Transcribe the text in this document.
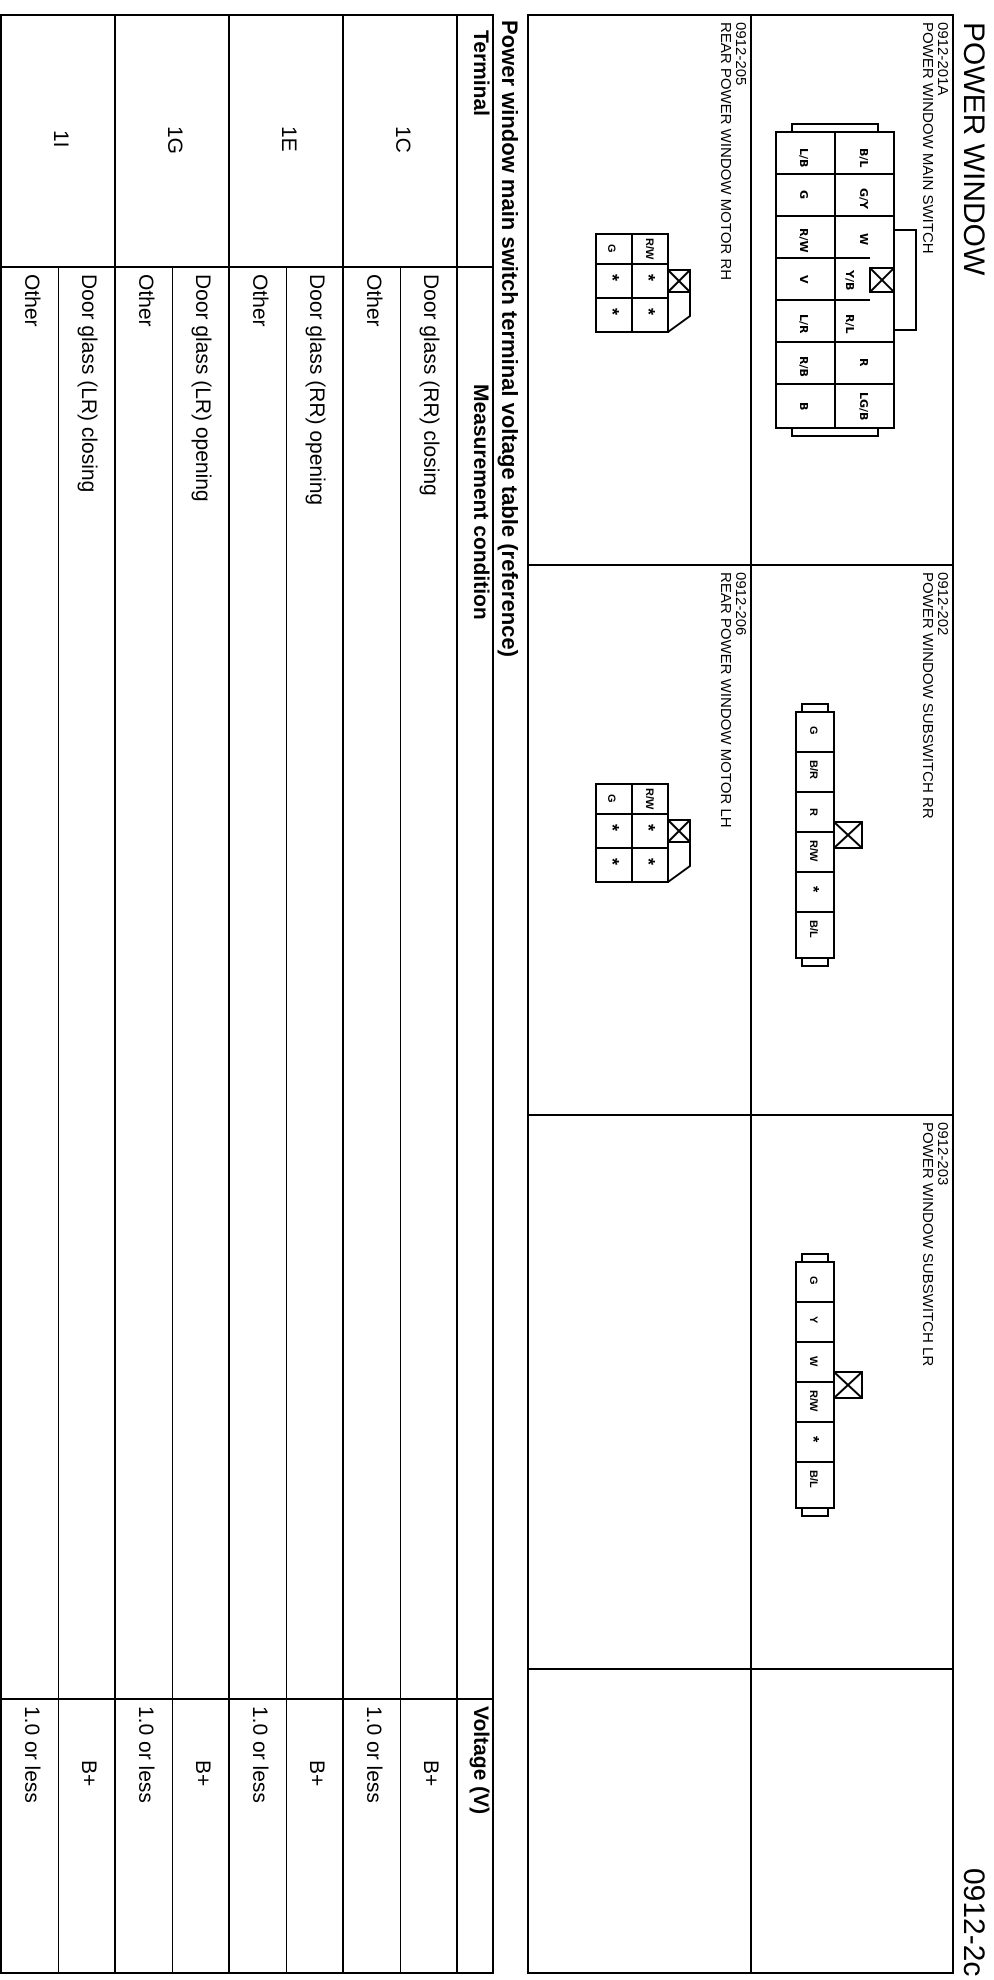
POWER WINDOW
0912-2c
0912-201A
POWER WINDOW MAIN SWITCH
B/L
G/Y
W
Y/B
R/L
R
LG/B
L/B
G
R/W
V
L/R
R/B
B
0912-202
POWER WINDOW SUBSWITCH RR
G
B/R
R
R/W
*
B/L
0912-203
POWER WINDOW SUBSWITCH LR
G
Y
W
R/W
*
B/L
0912-205
REAR POWER WINDOW MOTOR RH
R/W
*
*
G
*
*
0912-206
REAR POWER WINDOW MOTOR LH
R/W
*
*
G
*
*
Power window main switch terminal voltage table (reference)
Terminal
Measurement condition
Voltage (V)
1C
1E
1G
1I
Door glass (RR) closing
Other
Door glass (RR) opening
Other
Door glass (LR) opening
Other
Door glass (LR) closing
Other
B+
1.0 or less
B+
1.0 or less
B+
1.0 or less
B+
1.0 or less
